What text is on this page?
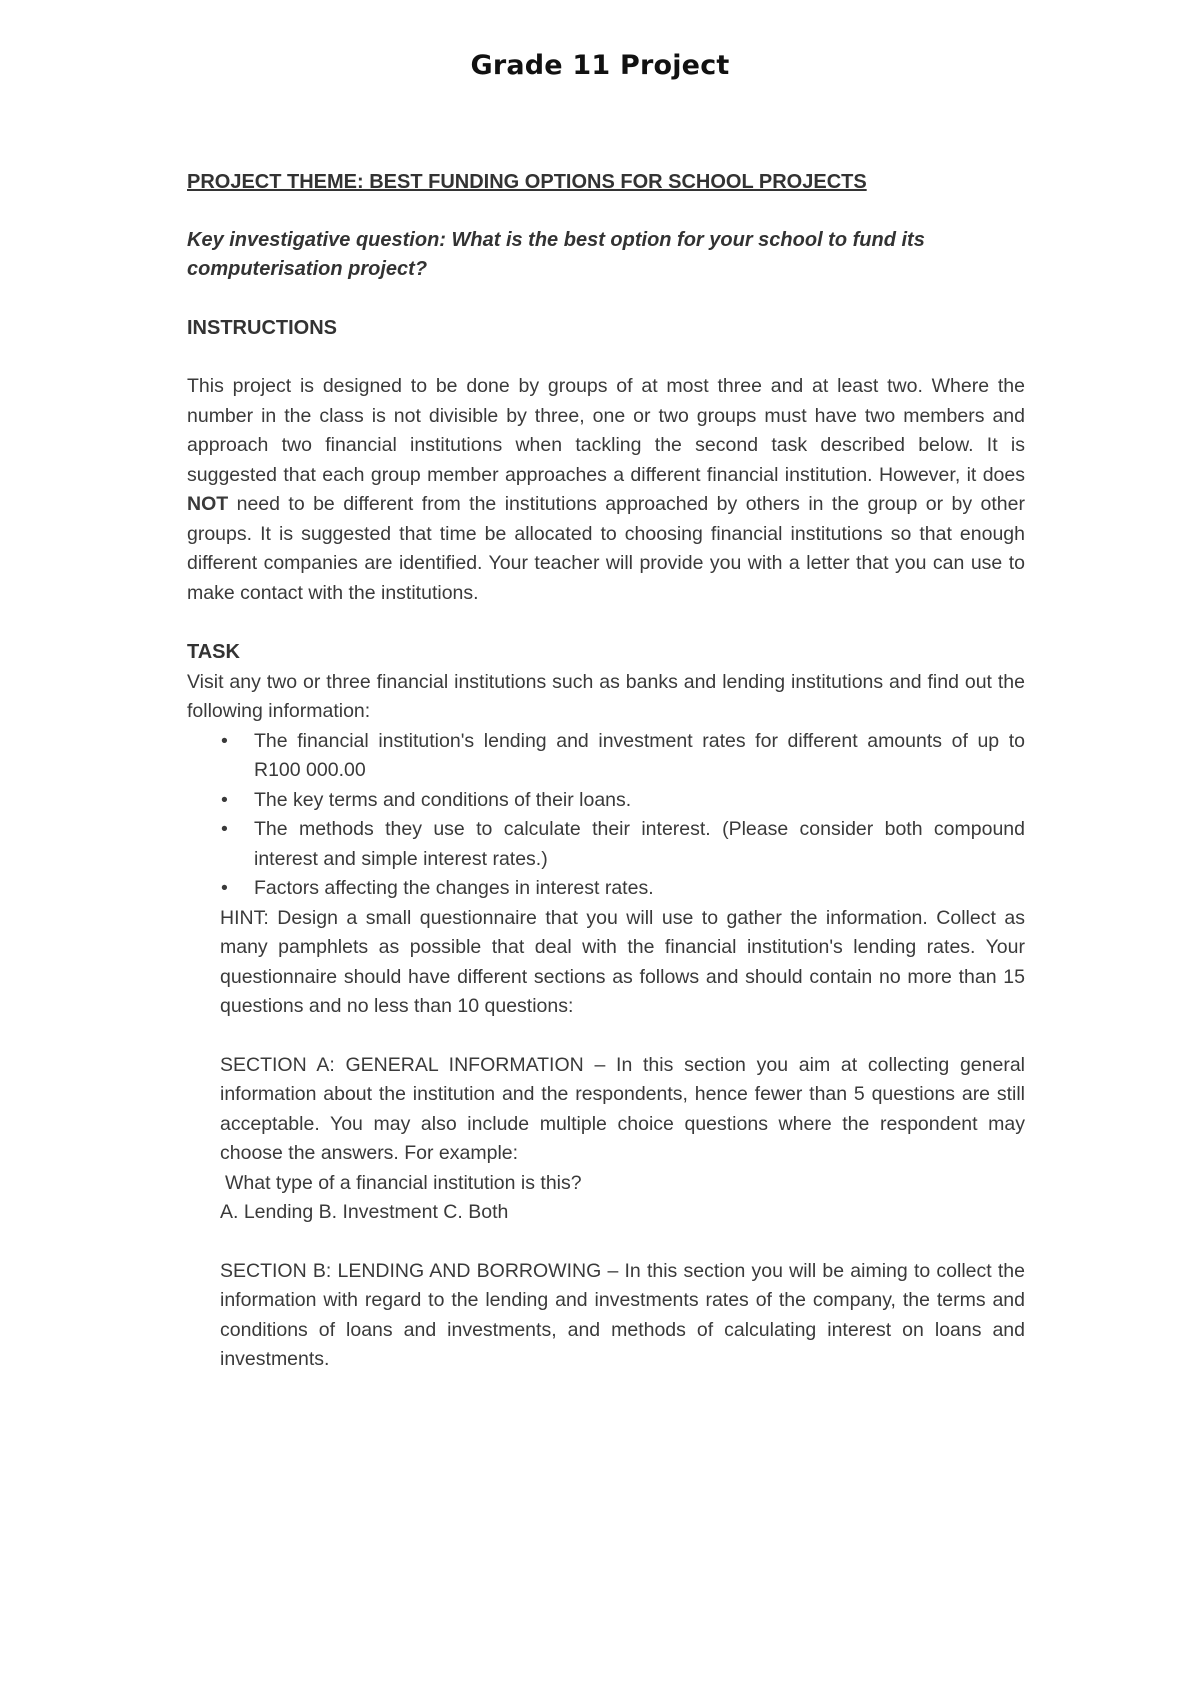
Grade 11 Project

PROJECT THEME: BEST FUNDING OPTIONS FOR SCHOOL PROJECTS

Key investigative question: What is the best option for your school to fund its computerisation project?

INSTRUCTIONS

This project is designed to be done by groups of at most three and at least two. Where the number in the class is not divisible by three, one or two groups must have two members and approach two financial institutions when tackling the second task described below. It is suggested that each group member approaches a different financial institution. However, it does NOT need to be different from the institutions approached by others in the group or by other groups. It is suggested that time be allocated to choosing financial institutions so that enough different companies are identified. Your teacher will provide you with a letter that you can use to make contact with the institutions.

TASK

Visit any two or three financial institutions such as banks and lending institutions and find out the following information:

• The financial institution's lending and investment rates for different amounts of up to R100 000.00
• The key terms and conditions of their loans.
• The methods they use to calculate their interest. (Please consider both compound interest and simple interest rates.)
• Factors affecting the changes in interest rates.

HINT: Design a small questionnaire that you will use to gather the information. Collect as many pamphlets as possible that deal with the financial institution's lending rates. Your questionnaire should have different sections as follows and should contain no more than 15 questions and no less than 10 questions:

SECTION A: GENERAL INFORMATION – In this section you aim at collecting general information about the institution and the respondents, hence fewer than 5 questions are still acceptable. You may also include multiple choice questions where the respondent may choose the answers. For example:

What type of a financial institution is this?

A. Lending B. Investment C. Both

SECTION B: LENDING AND BORROWING – In this section you will be aiming to collect the information with regard to the lending and investments rates of the company, the terms and conditions of loans and investments, and methods of calculating interest on loans and investments.
